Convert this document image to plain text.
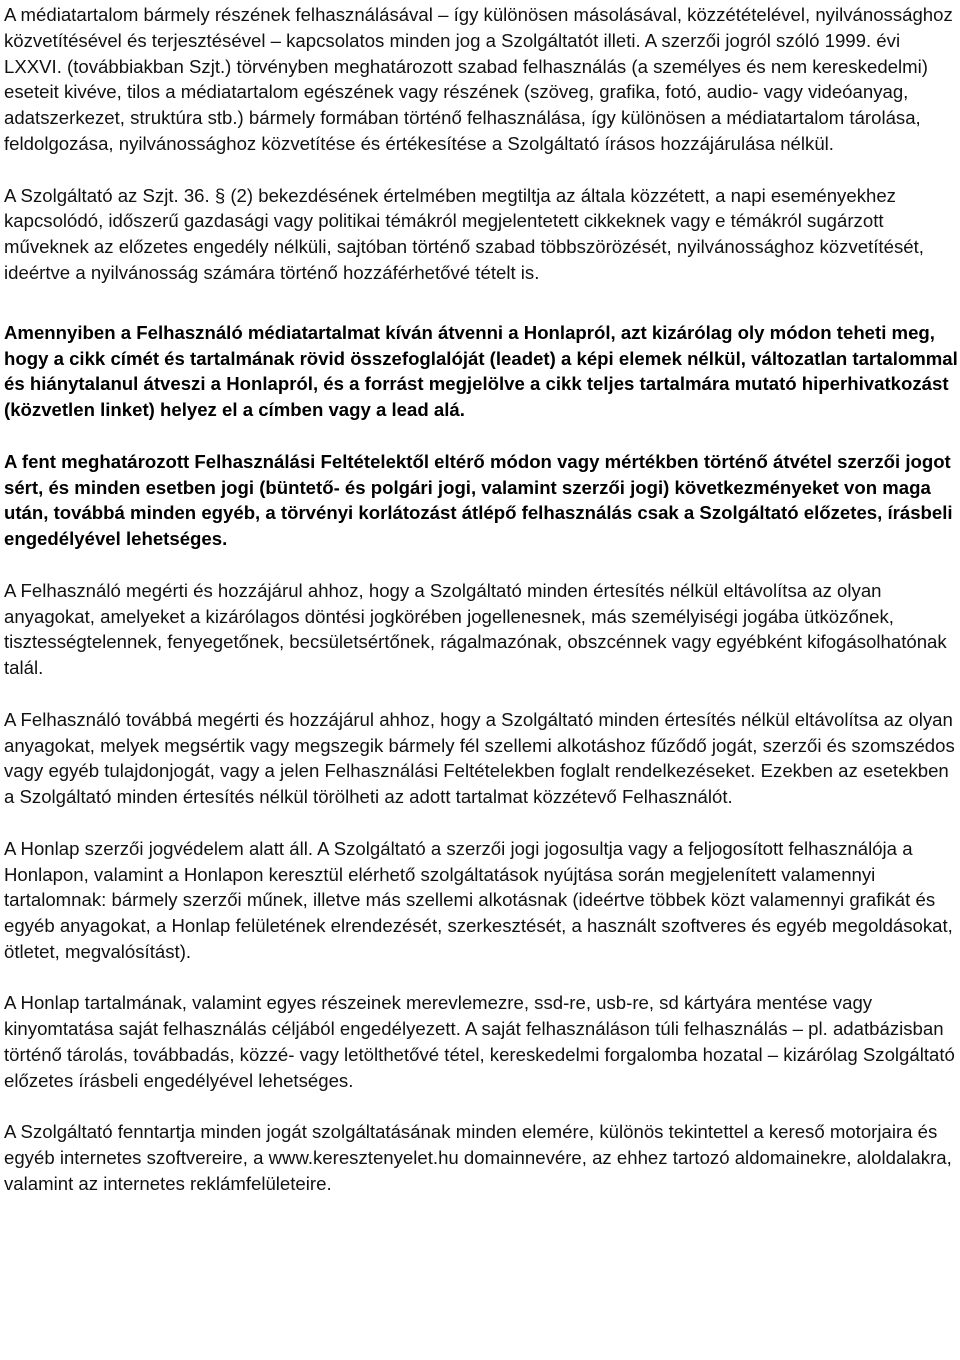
A médiatartalom bármely részének felhasználásával – így különösen másolásával, közzétételével, nyilvánossághoz közvetítésével és terjesztésével – kapcsolatos minden jog a Szolgáltatót illeti. A szerzői jogról szóló 1999. évi LXXVI. (továbbiakban Szjt.) törvényben meghatározott szabad felhasználás (a személyes és nem kereskedelmi) eseteit kivéve, tilos a médiatartalom egészének vagy részének (szöveg, grafika, fotó, audio- vagy videóanyag, adatszerkezet, struktúra stb.) bármely formában történő felhasználása, így különösen a médiatartalom tárolása, feldolgozása, nyilvánossághoz közvetítése és értékesítése a Szolgáltató írásos hozzájárulása nélkül.

A Szolgáltató az Szjt. 36. § (2) bekezdésének értelmében megtiltja az általa közzétett, a napi eseményekhez kapcsolódó, időszerű gazdasági vagy politikai témákról megjelentetett cikkeknek vagy e témákról sugárzott műveknek az előzetes engedély nélküli, sajtóban történő szabad többszörözését, nyilvánossághoz közvetítését, ideértve a nyilvánosság számára történő hozzáférhetővé tételt is.

Amennyiben a Felhasználó médiatartalmat kíván átvenni a Honlapról, azt kizárólag oly módon teheti meg, hogy a cikk címét és tartalmának rövid összefoglalóját (leadet) a képi elemek nélkül, változatlan tartalommal és hiánytalanul átveszi a Honlapról, és a forrást megjelölve a cikk teljes tartalmára mutató hiperhivatkozást (közvetlen linket) helyez el a címben vagy a lead alá.

A fent meghatározott Felhasználási Feltételektől eltérő módon vagy mértékben történő átvétel szerzői jogot sért, és minden esetben jogi (büntető- és polgári jogi, valamint szerzői jogi) következményeket von maga után, továbbá minden egyéb, a törvényi korlátozást átlépő felhasználás csak a Szolgáltató előzetes, írásbeli engedélyével lehetséges.

A Felhasználó megérti és hozzájárul ahhoz, hogy a Szolgáltató minden értesítés nélkül eltávolítsa az olyan anyagokat, amelyeket a kizárólagos döntési jogkörében jogellenesnek, más személyiségi jogába ütközőnek, tisztességtelennek, fenyegetőnek, becsületsértőnek, rágalmazónak, obszcénnek vagy egyébként kifogásolhatónak talál.

A Felhasználó továbbá megérti és hozzájárul ahhoz, hogy a Szolgáltató minden értesítés nélkül eltávolítsa az olyan anyagokat, melyek megsértik vagy megszegik bármely fél szellemi alkotáshoz fűződő jogát, szerzői és szomszédos vagy egyéb tulajdonjogát, vagy a jelen Felhasználási Feltételekben foglalt rendelkezéseket. Ezekben az esetekben a Szolgáltató minden értesítés nélkül törölheti az adott tartalmat közzétevő Felhasználót.

A Honlap szerzői jogvédelem alatt áll. A Szolgáltató a szerzői jogi jogosultja vagy a feljogosított felhasználója a Honlapon, valamint a Honlapon keresztül elérhető szolgáltatások nyújtása során megjelenített valamennyi tartalomnak: bármely szerzői műnek, illetve más szellemi alkotásnak (ideértve többek közt valamennyi grafikát és egyéb anyagokat, a Honlap felületének elrendezését, szerkesztését, a használt szoftveres és egyéb megoldásokat, ötletet, megvalósítást).

A Honlap tartalmának, valamint egyes részeinek merevlemezre, ssd-re, usb-re, sd kártyára mentése vagy kinyomtatása saját felhasználás céljából engedélyezett. A saját felhasználáson túli felhasználás – pl. adatbázisban történő tárolás, továbbadás, közzé- vagy letölthetővé tétel, kereskedelmi forgalomba hozatal – kizárólag Szolgáltató előzetes írásbeli engedélyével lehetséges.

A Szolgáltató fenntartja minden jogát szolgáltatásának minden elemére, különös tekintettel a kereső motorjaira és egyéb internetes szoftvereire, a www.keresztenyelet.hu domainnevére, az ehhez tartozó aldomainekre, aloldalakra, valamint az internetes reklámfelületeire.
